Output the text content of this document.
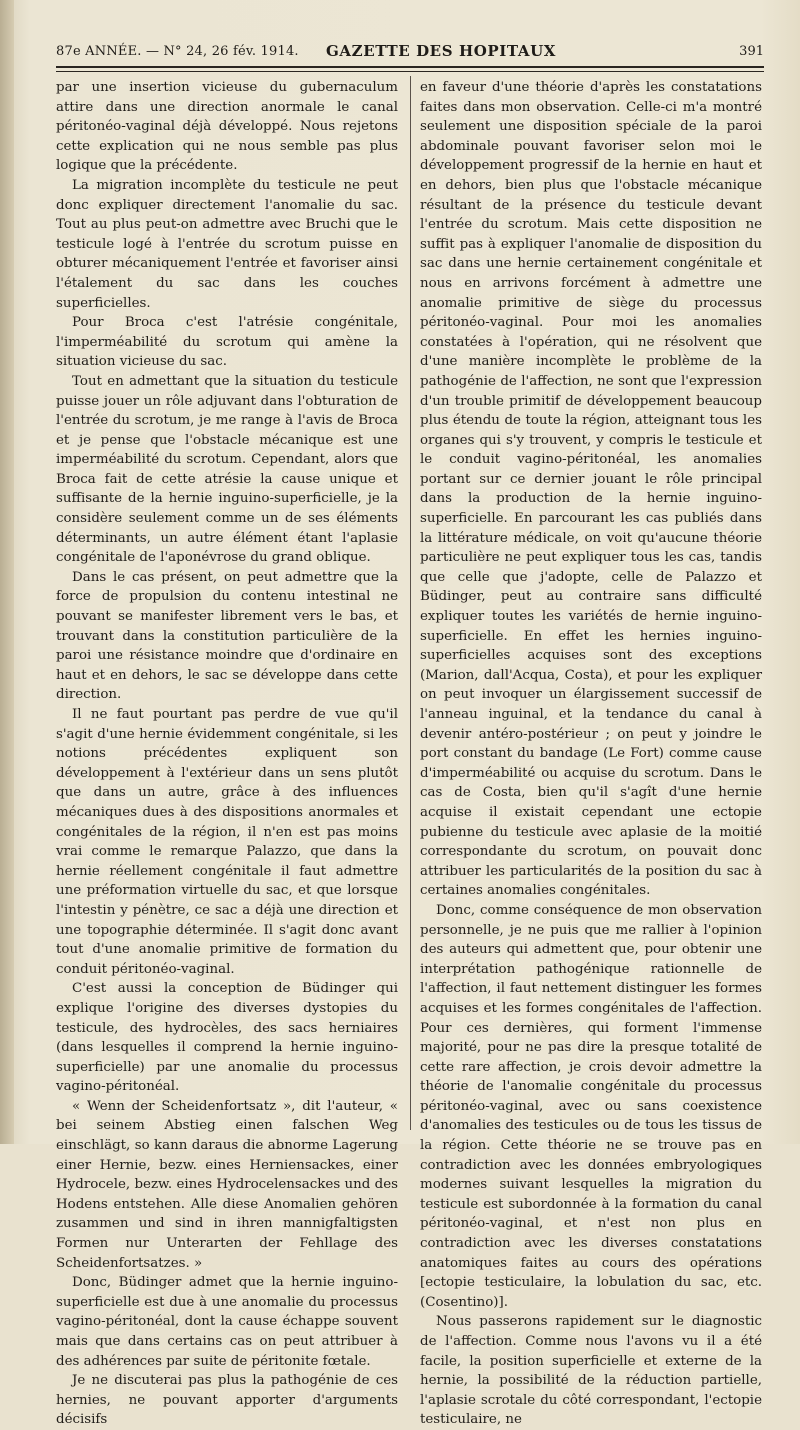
87e ANNÉE. — N° 24, 26 fév. 1914. GAZETTE DES HOPITAUX	391

par une insertion vicieuse du gubernaculum attire dans une direction anormale le canal péritonéo-vaginal déjà développé. Nous rejetons cette explication qui ne nous semble pas plus logique que la précédente.

La migration incomplète du testicule ne peut donc expliquer directement l'anomalie du sac. Tout au plus peut-on admettre avec Bruchi que le testicule logé à l'entrée du scrotum puisse en obturer mécaniquement l'entrée et favoriser ainsi l'étalement du sac dans les couches superficielles.

Pour Broca c'est l'atrésie congénitale, l'imperméabilité du scrotum qui amène la situation vicieuse du sac.

Tout en admettant que la situation du testicule puisse jouer un rôle adjuvant dans l'obturation de l'entrée du scrotum, je me range à l'avis de Broca et je pense que l'obstacle mécanique est une imperméabilité du scrotum. Cependant, alors que Broca fait de cette atrésie la cause unique et suffisante de la hernie inguino-superficielle, je la considère seulement comme un de ses éléments déterminants, un autre élément étant l'aplasie congénitale de l'aponévrose du grand oblique.

Dans le cas présent, on peut admettre que la force de propulsion du contenu intestinal ne pouvant se manifester librement vers le bas, et trouvant dans la constitution particulière de la paroi une résistance moindre que d'ordinaire en haut et en dehors, le sac se développe dans cette direction.

Il ne faut pourtant pas perdre de vue qu'il s'agit d'une hernie évidemment congénitale, si les notions précédentes expliquent son développement à l'extérieur dans un sens plutôt que dans un autre, grâce à des influences mécaniques dues à des dispositions anormales et congénitales de la région, il n'en est pas moins vrai comme le remarque Palazzo, que dans la hernie réellement congénitale il faut admettre une préformation virtuelle du sac, et que lorsque l'intestin y pénètre, ce sac a déjà une direction et une topographie déterminée. Il s'agit donc avant tout d'une anomalie primitive de formation du conduit péritonéo-vaginal.

C'est aussi la conception de Büdinger qui explique l'origine des diverses dystopies du testicule, des hydrocèles, des sacs herniaires (dans lesquelles il comprend la hernie inguino-superficielle) par une anomalie du processus vagino-péritonéal.

« Wenn der Scheidenfortsatz », dit l'auteur, « bei seinem Abstieg einen falschen Weg einschlägt, so kann daraus die abnorme Lagerung einer Hernie, bezw. eines Herniensackes, einer Hydrocele, bezw. eines Hydrocelensackes und des Hodens entstehen. Alle diese Anomalien gehören zusammen und sind in ihren mannigfaltigsten Formen nur Unterarten der Fehllage des Scheidenfortsatzes. »

Donc, Büdinger admet que la hernie inguino-superficielle est due à une anomalie du processus vagino-péritonéal, dont la cause échappe souvent mais que dans certains cas on peut attribuer à des adhérences par suite de péritonite fœtale.

Je ne discuterai pas plus la pathogénie de ces hernies, ne pouvant apporter d'arguments décisifs

en faveur d'une théorie d'après les constatations faites dans mon observation. Celle-ci m'a montré seulement une disposition spéciale de la paroi abdominale pouvant favoriser selon moi le développement progressif de la hernie en haut et en dehors, bien plus que l'obstacle mécanique résultant de la présence du testicule devant l'entrée du scrotum. Mais cette disposition ne suffit pas à expliquer l'anomalie de disposition du sac dans une hernie certainement congénitale et nous en arrivons forcément à admettre une anomalie primitive de siège du processus péritonéo-vaginal. Pour moi les anomalies constatées à l'opération, qui ne résolvent que d'une manière incomplète le problème de la pathogénie de l'affection, ne sont que l'expression d'un trouble primitif de développement beaucoup plus étendu de toute la région, atteignant tous les organes qui s'y trouvent, y compris le testicule et le conduit vagino-péritonéal, les anomalies portant sur ce dernier jouant le rôle principal dans la production de la hernie inguino-superficielle. En parcourant les cas publiés dans la littérature médicale, on voit qu'aucune théorie particulière ne peut expliquer tous les cas, tandis que celle que j'adopte, celle de Palazzo et Büdinger, peut au contraire sans difficulté expliquer toutes les variétés de hernie inguino-superficielle. En effet les hernies inguino-superficielles acquises sont des exceptions (Marion, dall'Acqua, Costa), et pour les expliquer on peut invoquer un élargissement successif de l'anneau inguinal, et la tendance du canal à devenir antéro-postérieur ; on peut y joindre le port constant du bandage (Le Fort) comme cause d'imperméabilité ou acquise du scrotum. Dans le cas de Costa, bien qu'il s'agît d'une hernie acquise il existait cependant une ectopie pubienne du testicule avec aplasie de la moitié correspondante du scrotum, on pouvait donc attribuer les particularités de la position du sac à certaines anomalies congénitales.

Donc, comme conséquence de mon observation personnelle, je ne puis que me rallier à l'opinion des auteurs qui admettent que, pour obtenir une interprétation pathogénique rationnelle de l'affection, il faut nettement distinguer les formes acquises et les formes congénitales de l'affection. Pour ces dernières, qui forment l'immense majorité, pour ne pas dire la presque totalité de cette rare affection, je crois devoir admettre la théorie de l'anomalie congénitale du processus péritonéo-vaginal, avec ou sans coexistence d'anomalies des testicules ou de tous les tissus de la région. Cette théorie ne se trouve pas en contradiction avec les données embryologiques modernes suivant lesquelles la migration du testicule est subordonnée à la formation du canal péritonéo-vaginal, et n'est non plus en contradiction avec les diverses constatations anatomiques faites au cours des opérations [ectopie testiculaire, la lobulation du sac, etc. (Cosentino)].

Nous passerons rapidement sur le diagnostic de l'affection. Comme nous l'avons vu il a été facile, la position superficielle et externe de la hernie, la possibilité de la réduction partielle, l'aplasie scrotale du côté correspondant, l'ectopie testiculaire, ne
